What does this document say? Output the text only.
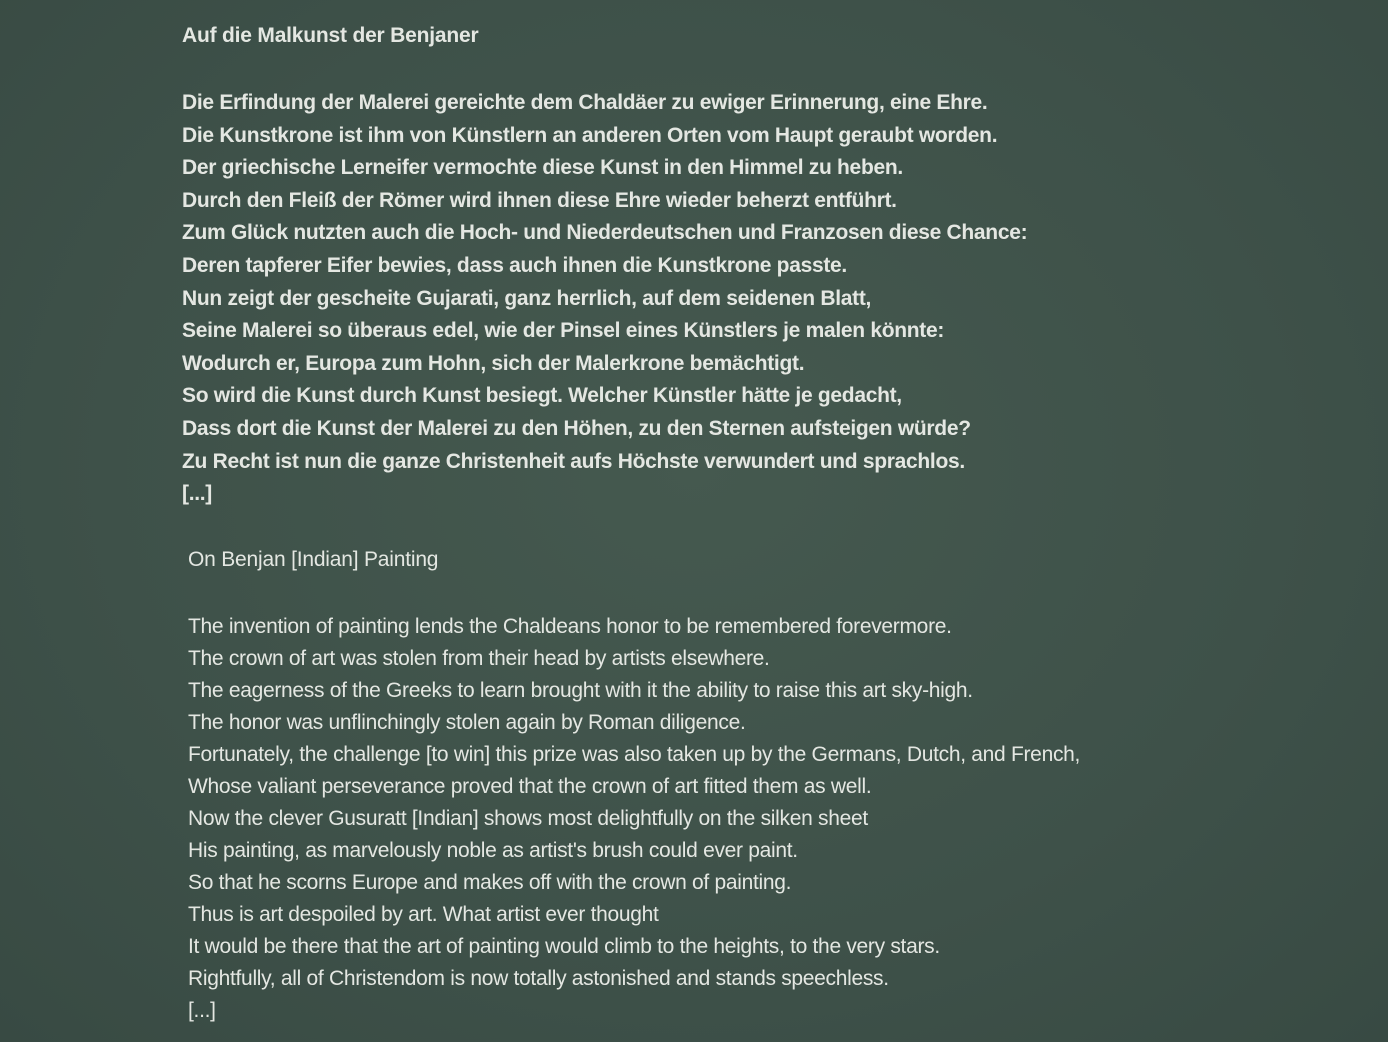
Auf die Malkunst der Benjaner
Die Erfindung der Malerei gereichte dem Chaldäer zu ewiger Erinnerung, eine Ehre.
Die Kunstkrone ist ihm von Künstlern an anderen Orten vom Haupt geraubt worden.
Der griechische Lerneifer vermochte diese Kunst in den Himmel zu heben.
Durch den Fleiß der Römer wird ihnen diese Ehre wieder beherzt entführt.
Zum Glück nutzten auch die Hoch- und Niederdeutschen und Franzosen diese Chance:
Deren tapferer Eifer bewies, dass auch ihnen die Kunstkrone passte.
Nun zeigt der gescheite Gujarati, ganz herrlich, auf dem seidenen Blatt,
Seine Malerei so überaus edel, wie der Pinsel eines Künstlers je malen könnte:
Wodurch er, Europa zum Hohn, sich der Malerkrone bemächtigt.
So wird die Kunst durch Kunst besiegt. Welcher Künstler hätte je gedacht,
Dass dort die Kunst der Malerei zu den Höhen, zu den Sternen aufsteigen würde?
Zu Recht ist nun die ganze Christenheit aufs Höchste verwundert und sprachlos.
[...]
On Benjan [Indian] Painting
The invention of painting lends the Chaldeans honor to be remembered forevermore.
The crown of art was stolen from their head by artists elsewhere.
The eagerness of the Greeks to learn brought with it the ability to raise this art sky-high.
The honor was unflinchingly stolen again by Roman diligence.
Fortunately, the challenge [to win] this prize was also taken up by the Germans, Dutch, and French,
Whose valiant perseverance proved that the crown of art fitted them as well.
Now the clever Gusuratt [Indian] shows most delightfully on the silken sheet
His painting, as marvelously noble as artist's brush could ever paint.
So that he scorns Europe and makes off with the crown of painting.
Thus is art despoiled by art. What artist ever thought
It would be there that the art of painting would climb to the heights, to the very stars.
Rightfully, all of Christendom is now totally astonished and stands speechless.
[...]
